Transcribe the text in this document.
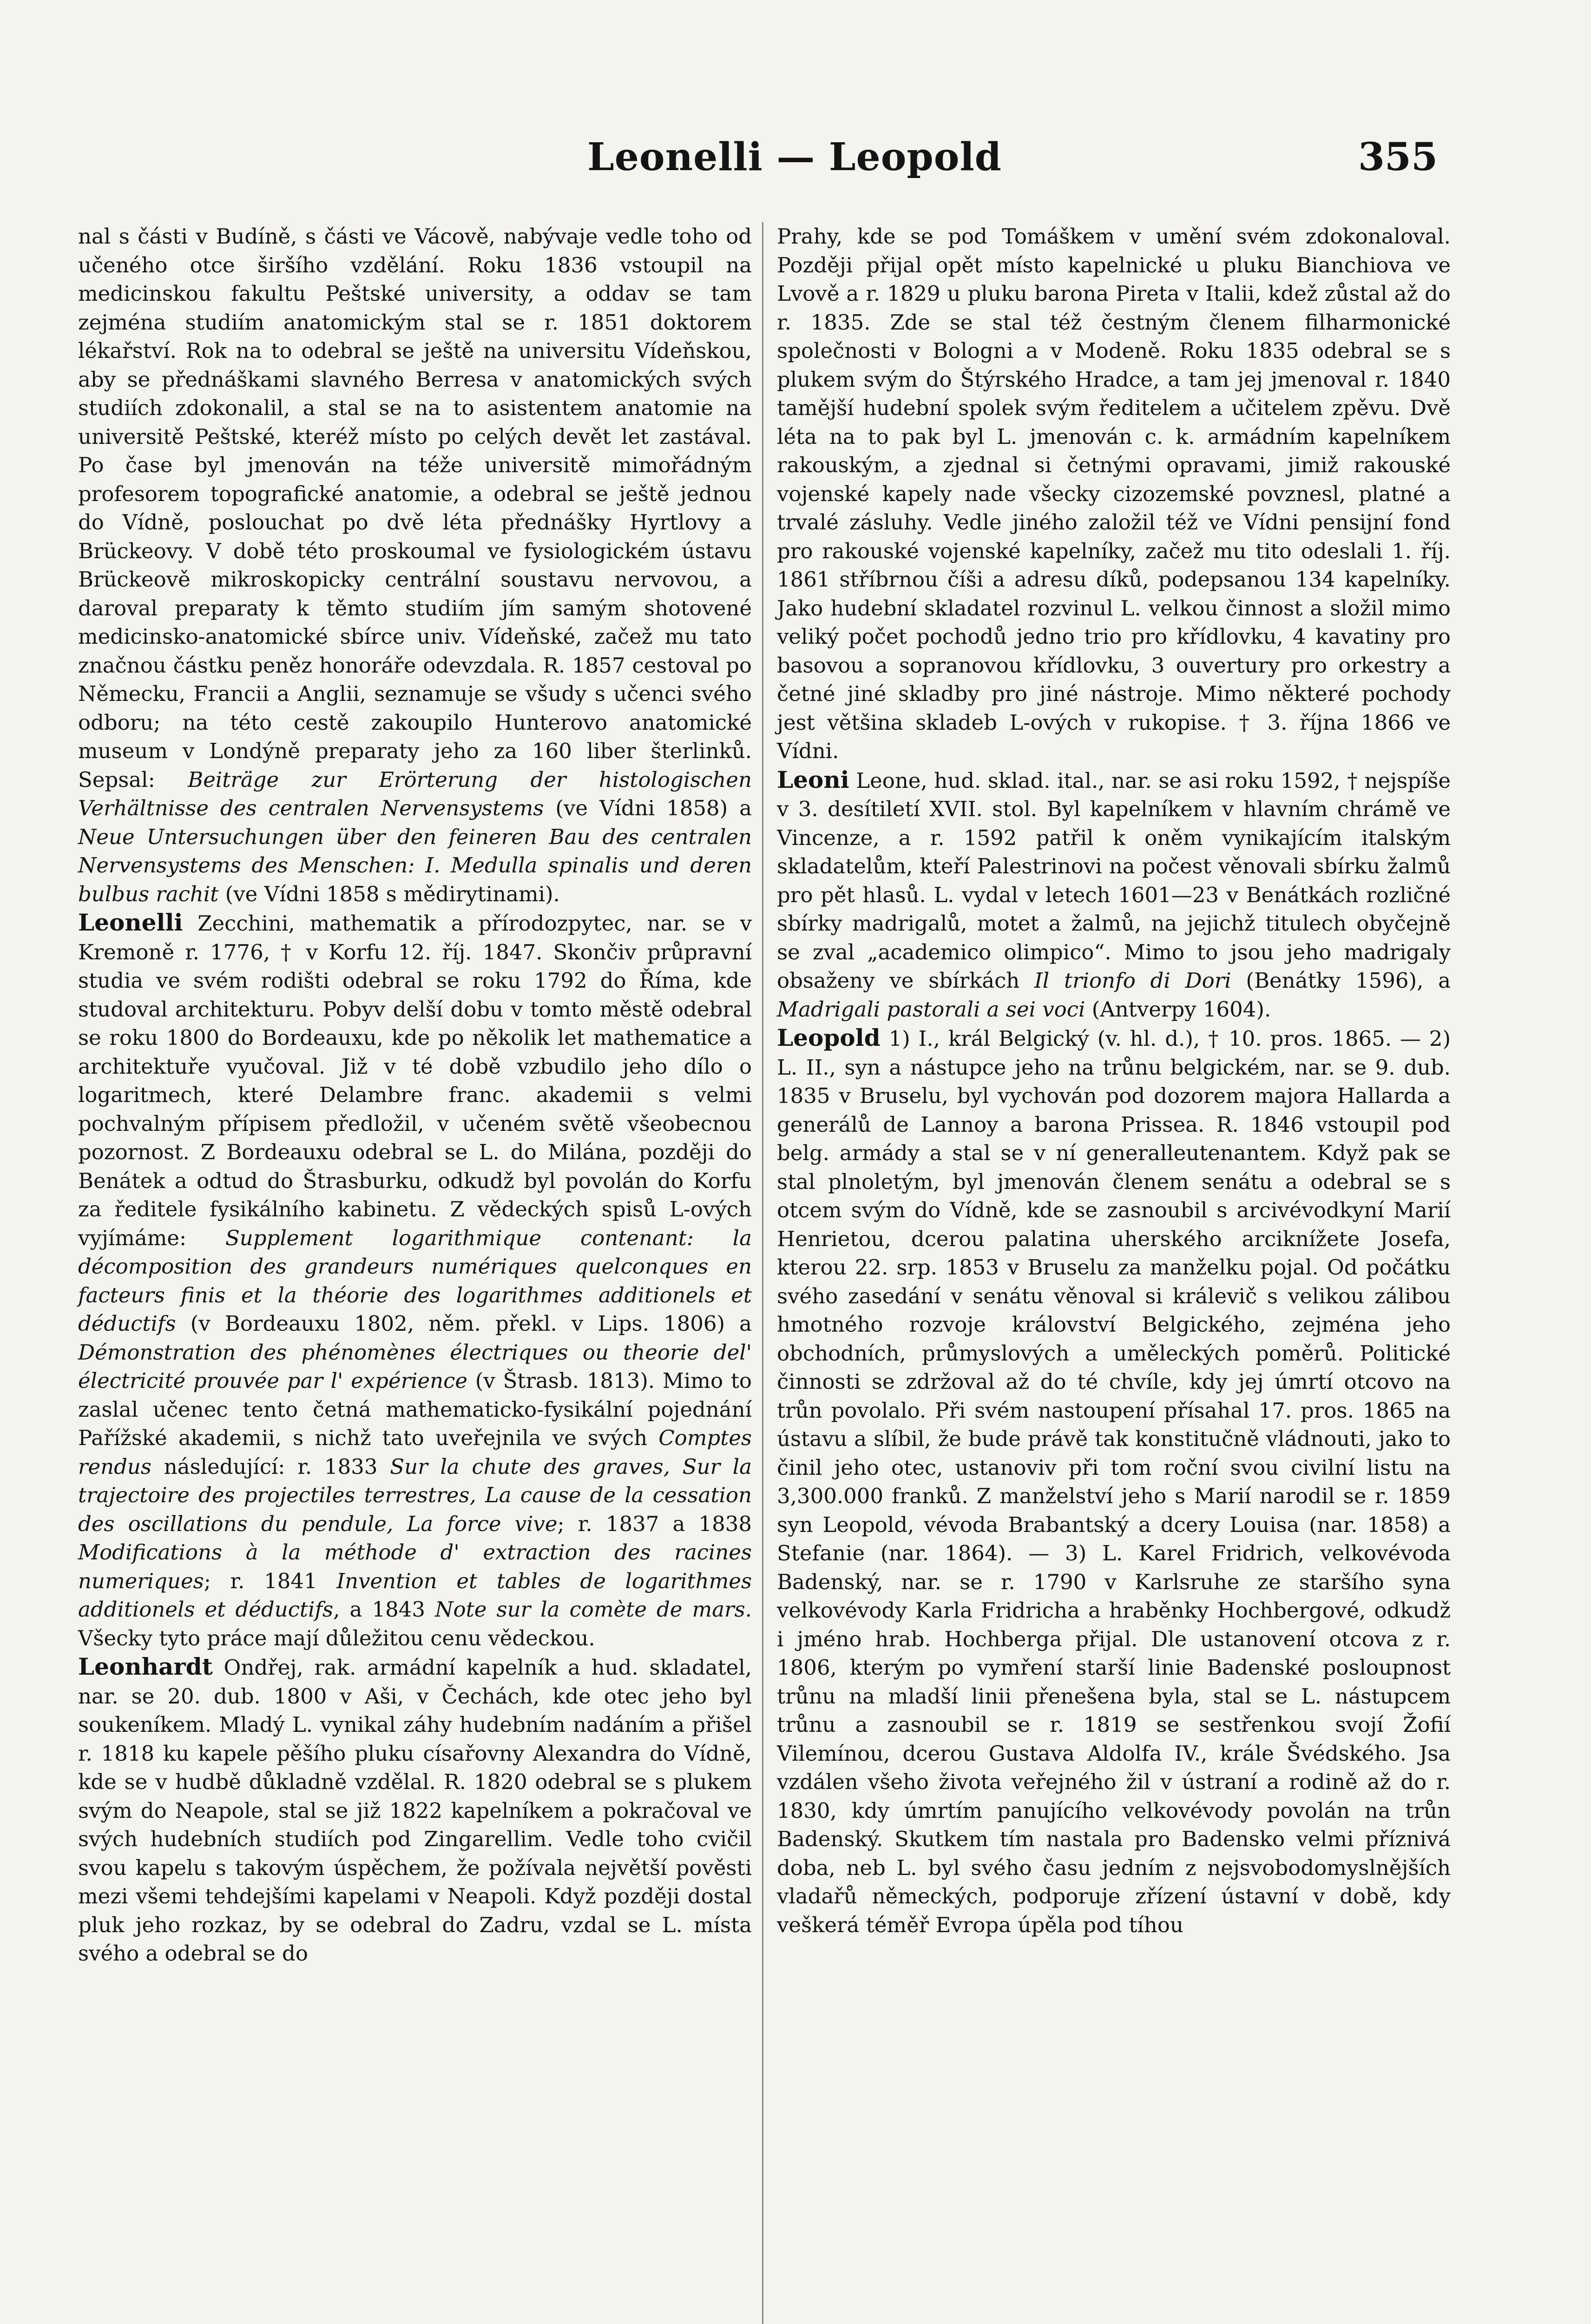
Leonelli — Leopold	355

nal s části v Budíně, s části ve Vácově, nabývaje vedle toho od učeného otce širšího vzdělání. Roku 1836 vstoupil na medicinskou fakultu Peštské university, a oddav se tam zejména studiím anatomickým stal se r. 1851 doktorem lékařství. Rok na to odebral se ještě na universitu Vídeňskou, aby se přednáškami slavného Berresa v anatomických svých studiích zdokonalil, a stal se na to asistentem anatomie na universitě Peštské, kteréž místo po celých devět let zastával. Po čase byl jmenován na téže universitě mimořádným profesorem topografické anatomie, a odebral se ještě jednou do Vídně, poslouchat po dvě léta přednášky Hyrtlovy a Brückeovy. V době této proskoumal ve fysiologickém ústavu Brückeově mikroskopicky centrální soustavu nervovou, a daroval preparaty k těmto studiím jím samým shotovené medicinsko-anatomické sbírce univ. Vídeňské, začež mu tato značnou částku peněz honoráře odevzdala. R. 1857 cestoval po Německu, Francii a Anglii, seznamuje se všudy s učenci svého odboru; na této cestě zakoupilo Hunterovo anatomické museum v Londýně preparaty jeho za 160 liber šterlinků. Sepsal: Beiträge zur Erörterung der histologischen Verhältnisse des centralen Nervensystems (ve Vídni 1858) a Neue Untersuchungen über den feineren Bau des centralen Nervensystems des Menschen: I. Medulla spinalis und deren bulbus rachit (ve Vídni 1858 s mědirytinami).

Leonelli Zecchini, mathematik a přírodozpytec, nar. se v Kremoně r. 1776, † v Korfu 12. říj. 1847. Skončiv průpravní studia ve svém rodišti odebral se roku 1792 do Říma, kde studoval architekturu. Pobyv delší dobu v tomto městě odebral se roku 1800 do Bordeauxu, kde po několik let mathematice a architektuře vyučoval. Již v té době vzbudilo jeho dílo o logaritmech, které Delambre franc. akademii s velmi pochvalným přípisem předložil, v učeném světě všeobecnou pozornost. Z Bordeauxu odebral se L. do Milána, později do Benátek a odtud do Štrasburku, odkudž byl povolán do Korfu za ředitele fysikálního kabinetu. Z vědeckých spisů L-ových vyjímáme: Supplement logarithmique contenant: la décomposition des grandeurs numériques quelconques en facteurs finis et la théorie des logarithmes additionels et déductifs (v Bordeauxu 1802, něm. překl. v Lips. 1806) a Démonstration des phénomènes électriques ou theorie del' électricité prouvée par l' expérience (v Štrasb. 1813). Mimo to zaslal učenec tento četná mathematicko-fysikální pojednání Pařížské akademii, s nichž tato uveřejnila ve svých Comptes rendus následující: r. 1833 Sur la chute des graves, Sur la trajectoire des projectiles terrestres, La cause de la cessation des oscillations du pendule, La force vive; r. 1837 a 1838 Modifications à la méthode d' extraction des racines numeriques; r. 1841 Invention et tables de logarithmes additionels et déductifs, a 1843 Note sur la comète de mars. Všecky tyto práce mají důležitou cenu vědeckou.

Leonhardt Ondřej, rak. armádní kapelník a hud. skladatel, nar. se 20. dub. 1800 v Aši, v Čechách, kde otec jeho byl soukeníkem. Mladý L. vynikal záhy hudebním nadáním a přišel r. 1818 ku kapele pěšího pluku císařovny Alexandra do Vídně, kde se v hudbě důkladně vzdělal. R. 1820 odebral se s plukem svým do Neapole, stal se již 1822 kapelníkem a pokračoval ve svých hudebních studiích pod Zingarellim. Vedle toho cvičil svou kapelu s takovým úspěchem, že požívala největší pověsti mezi všemi tehdejšími kapelami v Neapoli. Když později dostal pluk jeho rozkaz, by se odebral do Zadru, vzdal se L. místa svého a odebral se do

Prahy, kde se pod Tomáškem v umění svém zdokonaloval. Později přijal opět místo kapelnické u pluku Bianchiova ve Lvově a r. 1829 u pluku barona Pireta v Italii, kdež zůstal až do r. 1835. Zde se stal též čestným členem filharmonické společnosti v Bologni a v Modeně. Roku 1835 odebral se s plukem svým do Štýrského Hradce, a tam jej jmenoval r. 1840 tamější hudební spolek svým ředitelem a učitelem zpěvu. Dvě léta na to pak byl L. jmenován c. k. armádním kapelníkem rakouským, a zjednal si četnými opravami, jimiž rakouské vojenské kapely nade všecky cizozemské povznesl, platné a trvalé zásluhy. Vedle jiného založil též ve Vídni pensijní fond pro rakouské vojenské kapelníky, začež mu tito odeslali 1. říj. 1861 stříbrnou číši a adresu díků, podepsanou 134 kapelníky. Jako hudební skladatel rozvinul L. velkou činnost a složil mimo veliký počet pochodů jedno trio pro křídlovku, 4 kavatiny pro basovou a sopranovou křídlovku, 3 ouvertury pro orkestry a četné jiné skladby pro jiné nástroje. Mimo některé pochody jest většina skladeb L-ových v rukopise. † 3. října 1866 ve Vídni.

Leoni Leone, hud. sklad. ital., nar. se asi roku 1592, † nejspíše v 3. desítiletí XVII. stol. Byl kapelníkem v hlavním chrámě ve Vincenze, a r. 1592 patřil k oněm vynikajícím italským skladatelům, kteří Palestrinovi na počest věnovali sbírku žalmů pro pět hlasů. L. vydal v letech 1601—23 v Benátkách rozličné sbírky madrigalů, motet a žalmů, na jejichž titulech obyčejně se zval „academico olimpico“. Mimo to jsou jeho madrigaly obsaženy ve sbírkách Il trionfo di Dori (Benátky 1596), a Madrigali pastorali a sei voci (Antverpy 1604).

Leopold 1) I., král Belgický (v. hl. d.), † 10. pros. 1865. — 2) L. II., syn a nástupce jeho na trůnu belgickém, nar. se 9. dub. 1835 v Bruselu, byl vychován pod dozorem majora Hallarda a generálů de Lannoy a barona Prissea. R. 1846 vstoupil pod belg. armády a stal se v ní generalleutenantem. Když pak se stal plnoletým, byl jmenován členem senátu a odebral se s otcem svým do Vídně, kde se zasnoubil s arcivévodkyní Marií Henrietou, dcerou palatina uherského arciknížete Josefa, kterou 22. srp. 1853 v Bruselu za manželku pojal. Od počátku svého zasedání v senátu věnoval si králevič s velikou zálibou hmotného rozvoje království Belgického, zejména jeho obchodních, průmyslových a uměleckých poměrů. Politické činnosti se zdržoval až do té chvíle, kdy jej úmrtí otcovo na trůn povolalo. Při svém nastoupení přísahal 17. pros. 1865 na ústavu a slíbil, že bude právě tak konstitučně vládnouti, jako to činil jeho otec, ustanoviv při tom roční svou civilní listu na 3,300.000 franků. Z manželství jeho s Marií narodil se r. 1859 syn Leopold, vévoda Brabantský a dcery Louisa (nar. 1858) a Stefanie (nar. 1864). — 3) L. Karel Fridrich, velkovévoda Badenský, nar. se r. 1790 v Karlsruhe ze staršího syna velkovévody Karla Fridricha a hraběnky Hochbergové, odkudž i jméno hrab. Hochberga přijal. Dle ustanovení otcova z r. 1806, kterým po vymření starší linie Badenské posloupnost trůnu na mladší linii přenešena byla, stal se L. nástupcem trůnu a zasnoubil se r. 1819 se sestřenkou svojí Žofií Vilemínou, dcerou Gustava Aldolfa IV., krále Švédského. Jsa vzdálen všeho života veřejného žil v ústraní a rodině až do r. 1830, kdy úmrtím panujícího velkovévody povolán na trůn Badenský. Skutkem tím nastala pro Badensko velmi příznivá doba, neb L. byl svého času jedním z nejsvobodomyslnějších vladařů německých, podporuje zřízení ústavní v době, kdy veškerá téměř Evropa úpěla pod tíhou
